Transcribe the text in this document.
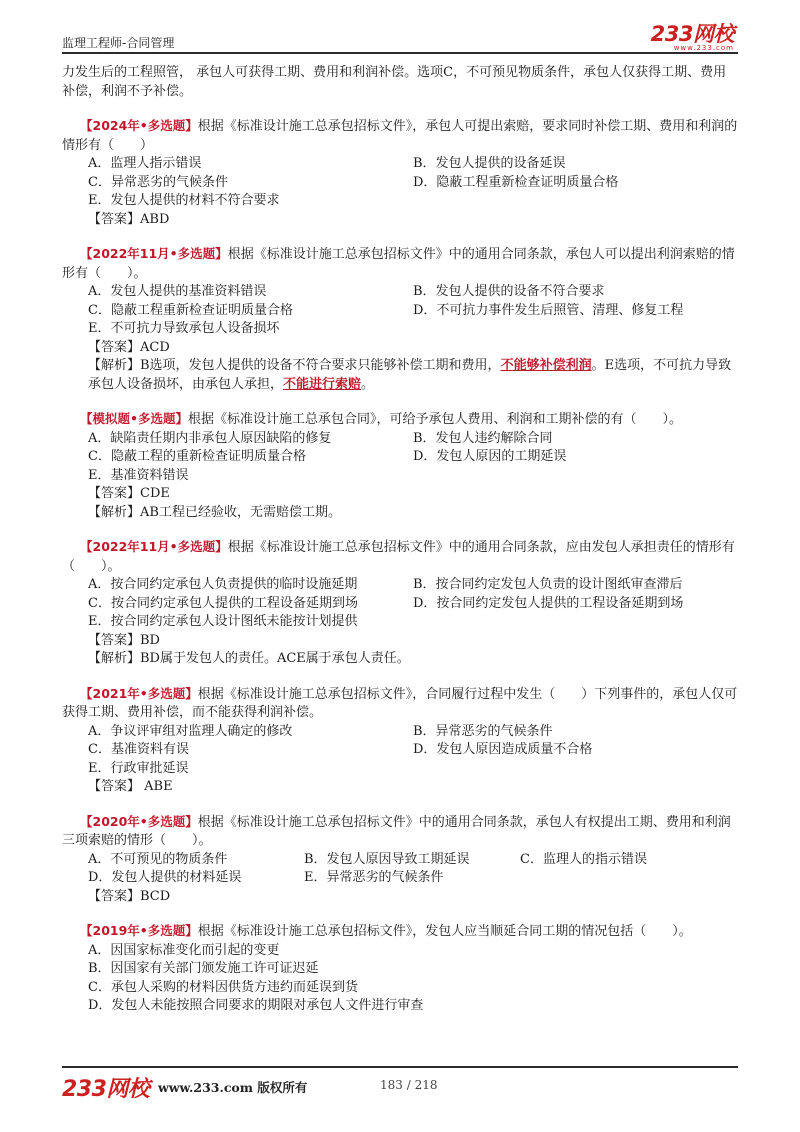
监理工程师-合同管理	233网校
www.233.com

力发生后的工程照管， 承包人可获得工期、费用和利润补偿。选项C，不可预见物质条件，承包人仅获得工期、费用补偿，利润不予补偿。

【2024年•多选题】根据《标准设计施工总承包招标文件》，承包人可提出索赔，要求同时补偿工期、费用和利润的情形有（　　）

A．监理人指示错误	B．发包人提供的设备延误
C．异常恶劣的气候条件	D．隐蔽工程重新检查证明质量合格
E．发包人提供的材料不符合要求
【答案】ABD

【2022年11月•多选题】根据《标准设计施工总承包招标文件》中的通用合同条款，承包人可以提出利润索赔的情形有（　　）。

A．发包人提供的基准资料错误	B．发包人提供的设备不符合要求
C．隐蔽工程重新检查证明质量合格	D．不可抗力事件发生后照管、清理、修复工程
E．不可抗力导致承包人设备损坏
【答案】ACD
【解析】B选项，发包人提供的设备不符合要求只能够补偿工期和费用，不能够补偿利润。E选项，不可抗力导致承包人设备损坏，由承包人承担，不能进行索赔。

【模拟题•多选题】根据《标准设计施工总承包合同》，可给予承包人费用、利润和工期补偿的有（　　）。

A．缺陷责任期内非承包人原因缺陷的修复	B．发包人违约解除合同
C．隐蔽工程的重新检查证明质量合格	D．发包人原因的工期延误
E．基准资料错误
【答案】CDE
【解析】AB工程已经验收，无需赔偿工期。

【2022年11月•多选题】根据《标准设计施工总承包招标文件》中的通用合同条款，应由发包人承担责任的情形有（　　）。

A．按合同约定承包人负责提供的临时设施延期	B．按合同约定发包人负责的设计图纸审查滞后
C．按合同约定承包人提供的工程设备延期到场	D．按合同约定发包人提供的工程设备延期到场
E．按合同约定承包人设计图纸未能按计划提供
【答案】BD
【解析】BD属于发包人的责任。ACE属于承包人责任。

【2021年•多选题】根据《标准设计施工总承包招标文件》，合同履行过程中发生（　　）下列事件的，承包人仅可获得工期、费用补偿，而不能获得利润补偿。

A．争议评审组对监理人确定的修改	B．异常恶劣的气候条件
C．基准资料有误	D．发包人原因造成质量不合格
E．行政审批延误
【答案】 ABE

【2020年•多选题】根据《标准设计施工总承包招标文件》中的通用合同条款，承包人有权提出工期、费用和利润三项索赔的情形（　　）。

A．不可预见的物质条件	B．发包人原因导致工期延误	C．监理人的指示错误
D．发包人提供的材料延误	E．异常恶劣的气候条件
【答案】BCD

【2019年•多选题】根据《标准设计施工总承包招标文件》，发包人应当顺延合同工期的情况包括（　　）。

A．因国家标准变化而引起的变更
B．因国家有关部门颁发施工许可证迟延
C．承包人采购的材料因供货方违约而延误到货
D．发包人未能按照合同要求的期限对承包人文件进行审查
233网校 www.233.com 版权所有	183 / 218
